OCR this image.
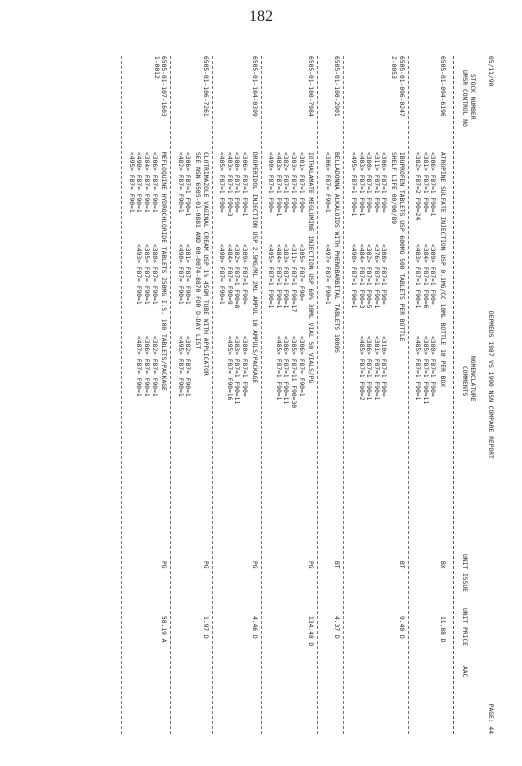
182
05/11/90
DEPMEDS 1987 VS 1990 NSN COMPARE REPORT
PAGE: 44
STOCK NUMBER
UMSR CONTROL NO
NOMENCLATURE
COMMENTS
UNIT ISSUE
UNIT PRICE
AAC
6505-01-094-6196
ATROPINE SULFATE INJECTION USP 0.1MG/CC 10ML BOTTLE 10 PER BOX
BX
11.88 D
<306> F87=1 F90=1
<381> F87=1 F90=
<382> F87=2 F90=24
<309> F87=1 F90=
<384> F87=1 F90=6
<483> F87=1 F90=1
<380> F87=1 F90=
<385> F87=1 F90=11
<485> F87=1 F90=1
6505-01-096-0247
2-0053
IBUPROFEN TABLETS USP 600MG 500 TABLETS PER BOTTLE
BT
9.40 D
SHELF LIFE 00/00/89
<306> F87=1 F90=
<311> F87=1 F90=
<380> F87=1 F90=
<403> F87=1 F90=1
<495> F87=1 F90=1
<308> F87=1 F90=
<376> F87=1 F90=1
<382> F87=1 F90=5
<484> F87=1 F90=3
<490> F87=1 F90=1
<310> F87=1 F90=
<381> F87=1 F90=1
<386> F87=1 F90=1
<485> F87=1 F90=2
6505-01-100-2901
BELLADONNA ALKALOIDS WITH PHENOBARBITAL TABLETS 1000S
BT
4.37 D
<306> F87= F90=1
<497> F87= F90=1
6505-01-100-7984
IOTHALAMATE MEGLUMINE INJECTION USP 60% 30ML VIAL 50 VIALS/PG
PG
134.48 D
<301> F87=1 F90=
<303> F87=1 F90=
<382> F87=1 F90=
<403> F87=1 F90=1
<490> F87=1 F90=
<305> F87= F90=
<311> F87=1 F90=17
<383> F87=1 F90=1
<484> F87=1 F90=1
<495> F87=1 F90=1
<306> F87= F90=1
<385> F87=11 F90=30
<386> F87=1 F90=11
<485> F87=1 F90=1
6505-01-104-0399
DROPERIDOL INJECTION USP 2.5MG/ML 2ML AMPUL 10 AMPULS/PACKAGE
PG
4.46 D
<306> F87=1 F90=1
<380> F87=1 F90=
<403> F87=1 F90=3
<485> F87=1 F90=
<309> F87=1 F90=
<382> F87=1 F90=8
<484> F87= F90=9
<490> F87= F90=1
<380> F87=1 F90=
<383> F87=1 F90=11
<495> F87= F90=16
6505-01-106-7261
CLOTRIMAZOLE VAGINAL CREAM USP 1% 45GM TUBE WITH APPLICATOR
PG
1.97 D
SEE NSN 6505-01-0881 AND 00-0074-8870 FOR D-DAY LIST
<306> F87=1 F90=1
<482> F87= F90=1
<381> F87= F90=1
<490> F87= F90=1
<382> F87= F90=1
<495> F87= F90=1
6505-01-107-1603
1-0012
MEFLOQUINE HYDROCHLORIDE TABLETS 250MG I.S. 100 TABLETS/PACKAGE
PG
58.19 A
<306> F87= F90=1
<384> F87= F90=1
<490> F87= F90=1
<495> F87= F90=1
<380> F87= F90=1
<385> F87= F90=1
<493> F87= F90=1
<382> F87= F90=1
<386> F87= F90=1
<487> F87= F90=1
